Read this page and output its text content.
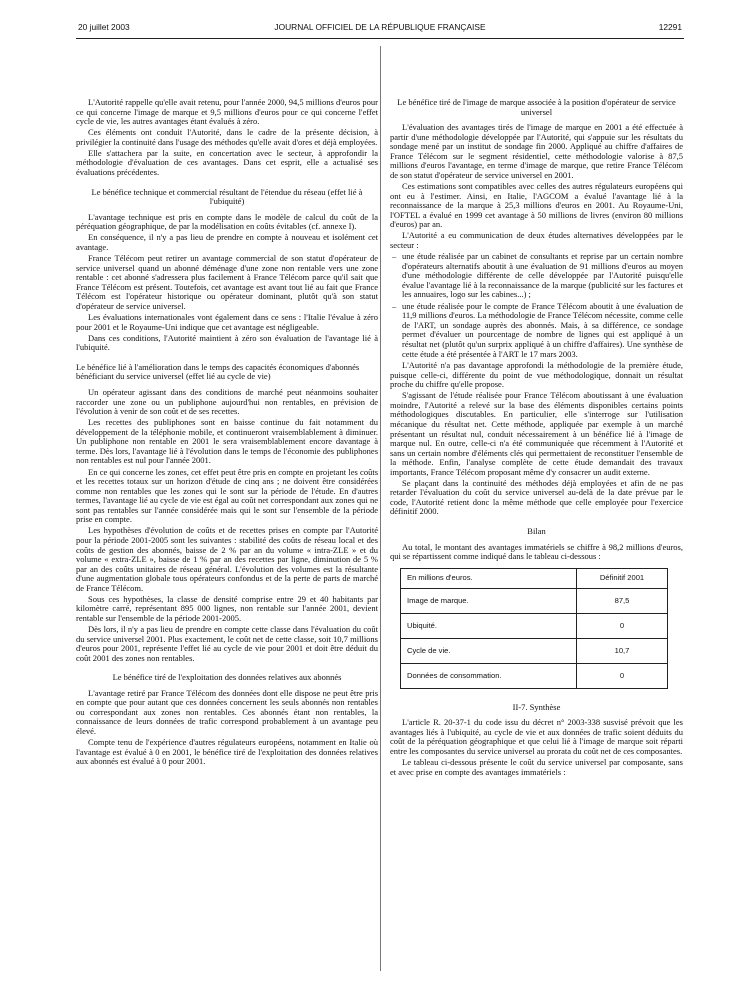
20 juillet 2003	JOURNAL OFFICIEL DE LA RÉPUBLIQUE FRANÇAISE	12291

L'Autorité rappelle qu'elle avait retenu, pour l'année 2000, 94,5 millions d'euros pour ce qui concerne l'image de marque et 9,5 millions d'euros pour ce qui concerne l'effet cycle de vie, les autres avantages étant évalués à zéro.

Ces éléments ont conduit l'Autorité, dans le cadre de la présente décision, à privilégier la continuité dans l'usage des méthodes qu'elle avait d'ores et déjà employées.

Elle s'attachera par la suite, en concertation avec le secteur, à approfondir la méthodologie d'évaluation de ces avantages. Dans cet esprit, elle a actualisé ses évaluations précédentes.

Le bénéfice technique et commercial résultant de l'étendue du réseau (effet lié à l'ubiquité)

L'avantage technique est pris en compte dans le modèle de calcul du coût de la péréquation géographique, de par la modélisation en coûts évitables (cf. annexe I).

En conséquence, il n'y a pas lieu de prendre en compte à nouveau et isolément cet avantage.

France Télécom peut retirer un avantage commercial de son statut d'opérateur de service universel quand un abonné déménage d'une zone non rentable vers une zone rentable : cet abonné s'adressera plus facilement à France Télécom parce qu'il sait que France Télécom est présent. Toutefois, cet avantage est avant tout lié au fait que France Télécom est l'opérateur historique ou opérateur dominant, plutôt qu'à son statut d'opérateur de service universel.

Les évaluations internationales vont également dans ce sens : l'Italie l'évalue à zéro pour 2001 et le Royaume-Uni indique que cet avantage est négligeable.

Dans ces conditions, l'Autorité maintient à zéro son évaluation de l'avantage lié à l'ubiquité.

Le bénéfice lié à l'amélioration dans le temps des capacités économiques d'abonnés bénéficiant du service universel (effet lié au cycle de vie)

Un opérateur agissant dans des conditions de marché peut néanmoins souhaiter raccorder une zone ou un publiphone aujourd'hui non rentables, en prévision de l'évolution à venir de son coût et de ses recettes.

Les recettes des publiphones sont en baisse continue du fait notamment du développement de la téléphonie mobile, et continueront vraisemblablement à diminuer. Un publiphone non rentable en 2001 le sera vraisemblablement encore davantage à terme. Dès lors, l'avantage lié à l'évolution dans le temps de l'économie des publiphones non rentables est nul pour l'année 2001.

En ce qui concerne les zones, cet effet peut être pris en compte en projetant les coûts et les recettes totaux sur un horizon d'étude de cinq ans ; ne doivent être considérées comme non rentables que les zones qui le sont sur la période de l'étude. En d'autres termes, l'avantage lié au cycle de vie est égal au coût net correspondant aux zones qui ne sont pas rentables sur l'année considérée mais qui le sont sur l'ensemble de la période prise en compte.

Les hypothèses d'évolution de coûts et de recettes prises en compte par l'Autorité pour la période 2001-2005 sont les suivantes : stabilité des coûts de réseau local et des coûts de gestion des abonnés, baisse de 2 % par an du volume « intra-ZLE » et du volume « extra-ZLE », baisse de 1 % par an des recettes par ligne, diminution de 5 % par an des coûts unitaires de réseau général. L'évolution des volumes est la résultante d'une augmentation globale tous opérateurs confondus et de la perte de parts de marché de France Télécom.

Sous ces hypothèses, la classe de densité comprise entre 29 et 40 habitants par kilomètre carré, représentant 895 000 lignes, non rentable sur l'année 2001, devient rentable sur l'ensemble de la période 2001-2005.

Dès lors, il n'y a pas lieu de prendre en compte cette classe dans l'évaluation du coût du service universel 2001. Plus exactement, le coût net de cette classe, soit 10,7 millions d'euros pour 2001, représente l'effet lié au cycle de vie pour 2001 et doit être déduit du coût 2001 des zones non rentables.

Le bénéfice tiré de l'exploitation des données relatives aux abonnés

L'avantage retiré par France Télécom des données dont elle dispose ne peut être pris en compte que pour autant que ces données concernent les seuls abonnés non rentables ou correspondant aux zones non rentables. Ces abonnés étant non rentables, la connaissance de leurs données de trafic correspond probablement à un avantage peu élevé.

Compte tenu de l'expérience d'autres régulateurs européens, notamment en Italie où l'avantage est évalué à 0 en 2001, le bénéfice tiré de l'exploitation des données relatives aux abonnés est évalué à 0 pour 2001.

Le bénéfice tiré de l'image de marque associée à la position d'opérateur de service universel

L'évaluation des avantages tirés de l'image de marque en 2001 a été effectuée à partir d'une méthodologie développée par l'Autorité, qui s'appuie sur les résultats du sondage mené par un institut de sondage fin 2000. Appliqué au chiffre d'affaires de France Télécom sur le segment résidentiel, cette méthodologie valorise à 87,5 millions d'euros l'avantage, en terme d'image de marque, que retire France Télécom de son statut d'opérateur de service universel en 2001.

Ces estimations sont compatibles avec celles des autres régulateurs européens qui ont eu à l'estimer. Ainsi, en Italie, l'AGCOM a évalué l'avantage lié à la reconnaissance de la marque à 25,3 millions d'euros en 2001. Au Royaume-Uni, l'OFTEL a évalué en 1999 cet avantage à 50 millions de livres (environ 80 millions d'euros) par an.

L'Autorité a eu communication de deux études alternatives développées par le secteur :

– une étude réalisée par un cabinet de consultants et reprise par un certain nombre d'opérateurs alternatifs aboutit à une évaluation de 91 millions d'euros au moyen d'une méthodologie différente de celle développée par l'Autorité puisqu'elle évalue l'avantage lié à la reconnaissance de la marque (publicité sur les factures et les annuaires, logo sur les cabines...) ;
– une étude réalisée pour le compte de France Télécom aboutit à une évaluation de 11,9 millions d'euros. La méthodologie de France Télécom nécessite, comme celle de l'ART, un sondage auprès des abonnés. Mais, à sa différence, ce sondage permet d'évaluer un pourcentage de nombre de lignes qui est appliqué à un résultat net (plutôt qu'un surprix appliqué à un chiffre d'affaires). Une synthèse de cette étude a été présentée à l'ART le 17 mars 2003.

L'Autorité n'a pas davantage approfondi la méthodologie de la première étude, puisque celle-ci, différente du point de vue méthodologique, donnait un résultat proche du chiffre qu'elle propose.

S'agissant de l'étude réalisée pour France Télécom aboutissant à une évaluation moindre, l'Autorité a relevé sur la base des éléments disponibles certains points méthodologiques discutables. En particulier, elle s'interroge sur l'utilisation mécanique du résultat net. Cette méthode, appliquée par exemple à un marché présentant un résultat nul, conduit nécessairement à un bénéfice lié à l'image de marque nul. En outre, celle-ci n'a été communiquée que récemment à l'Autorité et sans un certain nombre d'éléments clés qui permettaient de reconstituer l'ensemble de la méthode. Enfin, l'analyse complète de cette étude demandait des travaux importants, France Télécom proposant même d'y consacrer un audit externe.

Se plaçant dans la continuité des méthodes déjà employées et afin de ne pas retarder l'évaluation du coût du service universel au-delà de la date prévue par le code, l'Autorité retient donc la même méthode que celle employée pour l'exercice définitif 2000.

Bilan

Au total, le montant des avantages immatériels se chiffre à 98,2 millions d'euros, qui se répartissent comme indiqué dans le tableau ci-dessous :

En millions d'euros.	Définitif 2001
Image de marque.	87,5
Ubiquité.	0
Cycle de vie.	10,7
Données de consommation.	0
II-7. Synthèse

L'article R. 20-37-1 du code issu du décret n° 2003-338 susvisé prévoit que les avantages liés à l'ubiquité, au cycle de vie et aux données de trafic soient déduits du coût de la péréquation géographique et que celui lié à l'image de marque soit réparti entre les composantes du service universel au prorata du coût net de ces composantes.

Le tableau ci-dessous présente le coût du service universel par composante, sans et avec prise en compte des avantages immatériels :
